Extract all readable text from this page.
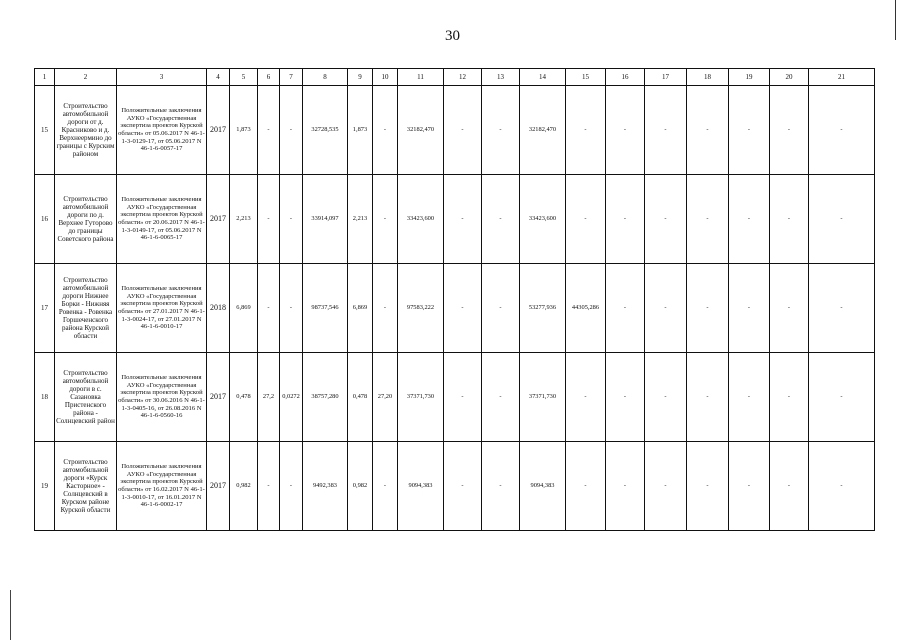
30
1	2	3	4	5	6	7	8	9	10	11	12	13	14	15	16	17	18	19	20	21
15	Строительство автомобильной дороги от д. Красниково и д. Верхнеермино до границы с Курским районом	Положительные заключения АУКО «Государственная экспертиза проектов Курской области» от 05.06.2017 N 46-1-1-3-0129-17, от 05.06.2017 N 46-1-6-0057-17	2017	1,873	-	-	32728,535	1,873	-	32182,470	-	-	32182,470	-	-	-	-	-	-	-
16	Строительство автомобильной дороги по д. Верхнее Гуторово до границы Советского района	Положительные заключения АУКО «Государственная экспертиза проектов Курской области» от 20.06.2017 N 46-1-1-3-0149-17, от 05.06.2017 N 46-1-6-0065-17	2017	2,213	-	-	33914,097	2,213	-	33423,600	-	-	33423,600	-	-	-	-	-	-	-
17	Строительство автомобильной дороги Нижнее Борки - Нижняя Ровенка - Ровенка Горшеченского района Курской области	Положительные заключения АУКО «Государственная экспертиза проектов Курской области» от 27.01.2017 N 46-1-1-3-0024-17, от 27.01.2017 N 46-1-6-0010-17	2018	6,869	-	-	98737,546	6,869	-	97583,222	-	-	53277,936	44305,286	-	-	-	-	-	-
18	Строительство автомобильной дороги в с. Сазановка Пристенского района - Солнцевский район	Положительные заключения АУКО «Государственная экспертиза проектов Курской области» от 30.06.2016 N 46-1-1-3-0405-16, от 26.08.2016 N 46-1-6-0560-16	2017	0,478	27,2	0,0272	38757,280	0,478	27,20	37371,730	-	-	37371,730	-	-	-	-	-	-	-
19	Строительство автомобильной дороги «Курск Касторное» - Солнцевский в Курском районе Курской области	Положительные заключения АУКО «Государственная экспертиза проектов Курской области» от 16.02.2017 N 46-1-1-3-0010-17, от 16.01.2017 N 46-1-6-0002-17	2017	0,982	-	-	9492,383	0,982	-	9094,383	-	-	9094,383	-	-	-	-	-	-	-
